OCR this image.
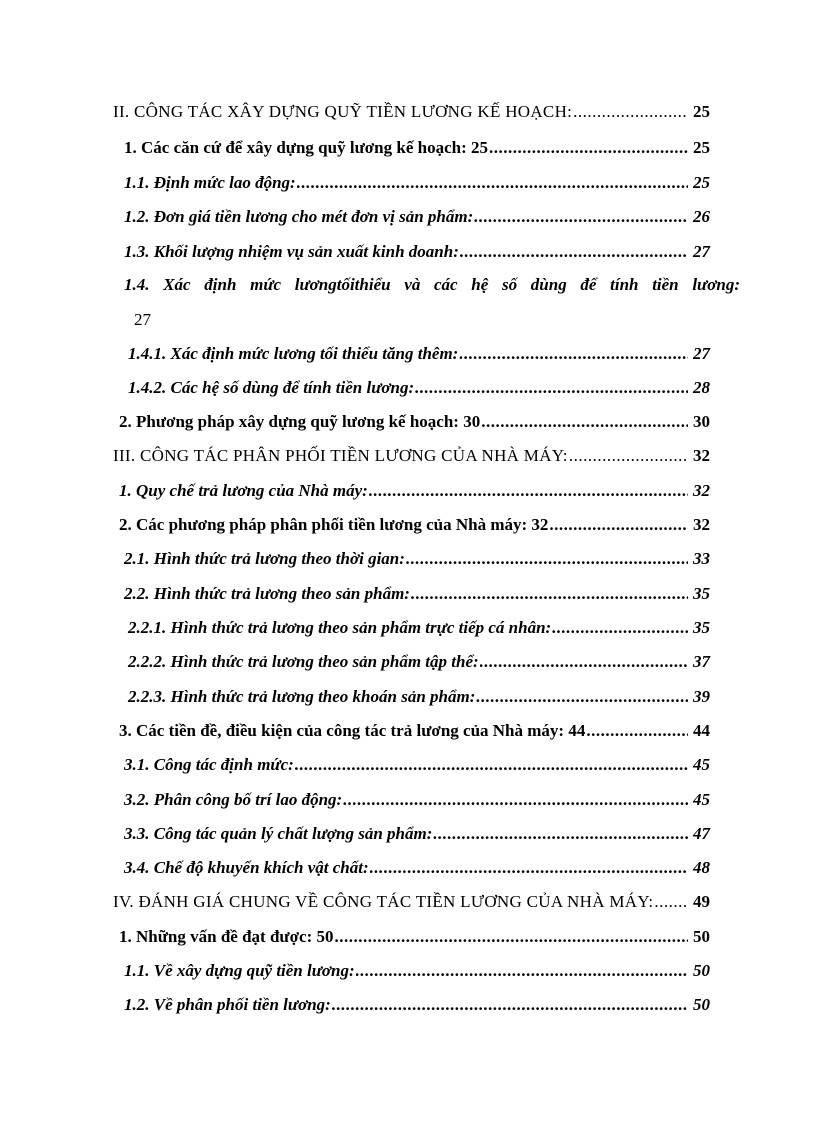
II. CÔNG TÁC XÂY DỰNG QUỸ TIỀN LƯƠNG KẾ HOẠCH: .....	25
1. Các căn cứ để xây dựng quỹ lương kế hoạch: 25 .....	25
1.1. Định mức lao động: .....	25
1.2. Đơn giá tiền lương cho mét đơn vị sản phẩm: .....	26
1.3. Khối lượng nhiệm vụ sản xuất kinh doanh: .....	27
1.4. Xác định mức lươngtốithiểu và các hệ số dùng để tính tiền lương:
27
1.4.1. Xác định mức lương tối thiểu tăng thêm: .....	27
1.4.2. Các hệ số dùng để tính tiền lương: .....	28
2. Phương pháp xây dựng quỹ lương kế hoạch: 30 .....	30
III. CÔNG TÁC PHÂN PHỐI TIỀN LƯƠNG CỦA NHÀ MÁY: .....	32
1. Quy chế trả lương của Nhà máy: .....	32
2. Các phương pháp phân phối tiền lương của Nhà máy: 32 .....	32
2.1. Hình thức trả lương theo thời gian: .....	33
2.2. Hình thức trả lương theo sản phẩm: .....	35
2.2.1. Hình thức trả lương theo sản phẩm trực tiếp cá nhân: .....	35
2.2.2. Hình thức trả lương theo sản phẩm tập thể: .....	37
2.2.3. Hình thức trả lương theo khoán sản phẩm: .....	39
3. Các tiền đề, điều kiện của công tác trả lương của Nhà máy: 44 .....	44
3.1. Công tác định mức: .....	45
3.2. Phân công bố trí lao động: .....	45
3.3. Công tác quản lý chất lượng sản phẩm: .....	47
3.4. Chế độ khuyến khích vật chất: .....	48
IV. ĐÁNH GIÁ CHUNG VỀ CÔNG TÁC TIỀN LƯƠNG CỦA NHÀ MÁY: ..... 49
1. Những vấn đề đạt được: 50 .....	50
1.1. Về xây dựng quỹ tiền lương: .....	50
1.2. Về phân phối tiền lương: .....	50
